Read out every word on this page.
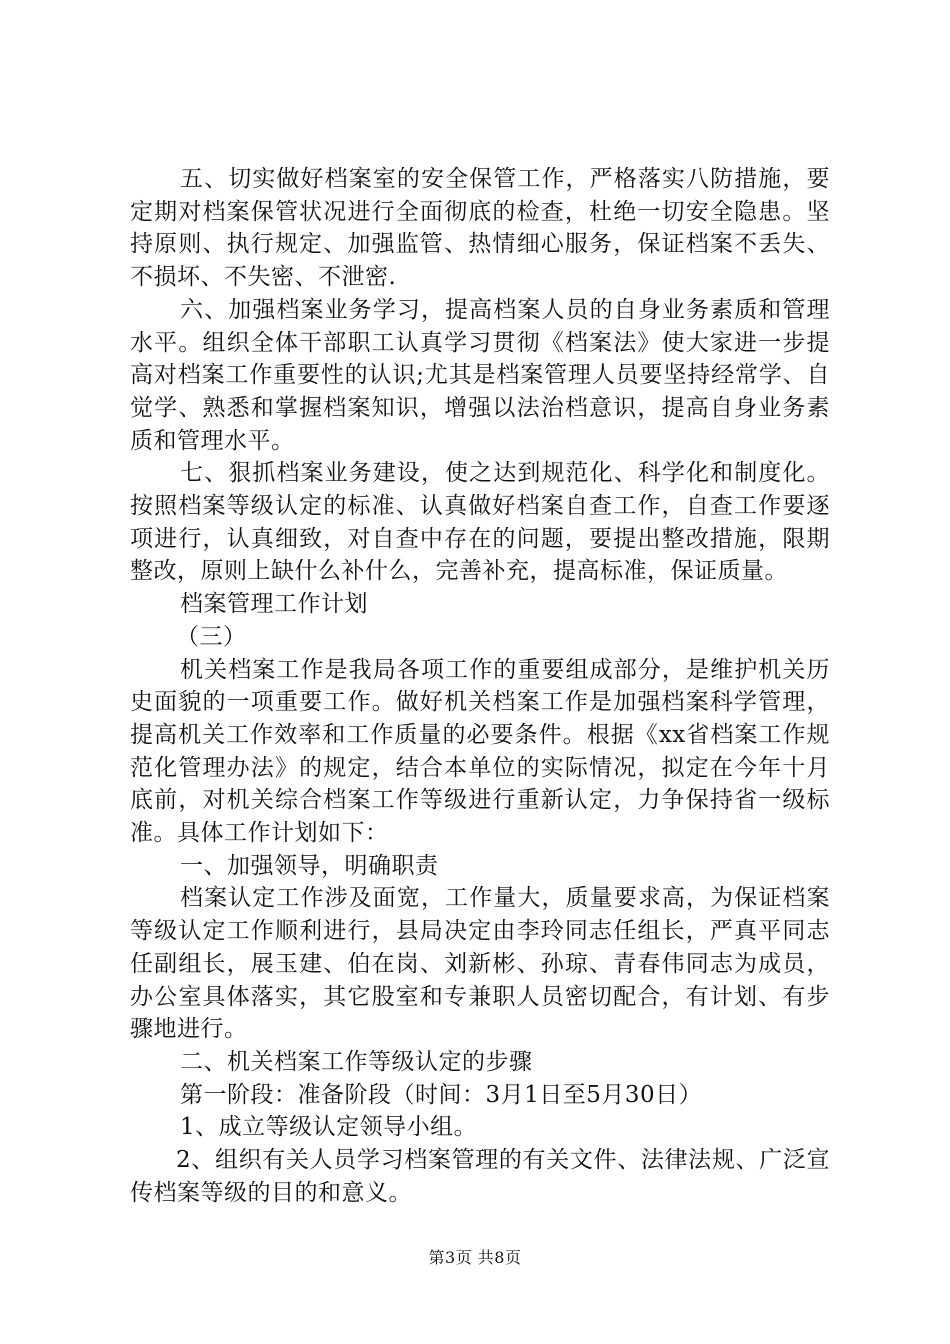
五、切实做好档案室的安全保管工作，严格落实八防措施，要定期对档案保管状况进行全面彻底的检查，杜绝一切安全隐患。坚持原则、执行规定、加强监管、热情细心服务，保证档案不丢失、不损坏、不失密、不泄密.

六、加强档案业务学习，提高档案人员的自身业务素质和管理水平。组织全体干部职工认真学习贯彻《档案法》使大家进一步提高对档案工作重要性的认识;尤其是档案管理人员要坚持经常学、自觉学、熟悉和掌握档案知识，增强以法治档意识，提高自身业务素质和管理水平。

七、狠抓档案业务建设，使之达到规范化、科学化和制度化。按照档案等级认定的标准、认真做好档案自查工作，自查工作要逐项进行，认真细致，对自查中存在的问题，要提出整改措施，限期整改，原则上缺什么补什么，完善补充，提高标准，保证质量。

档案管理工作计划

（三）

机关档案工作是我局各项工作的重要组成部分，是维护机关历史面貌的一项重要工作。做好机关档案工作是加强档案科学管理，提高机关工作效率和工作质量的必要条件。根据《xx省档案工作规范化管理办法》的规定，结合本单位的实际情况，拟定在今年十月底前，对机关综合档案工作等级进行重新认定，力争保持省一级标准。具体工作计划如下：

一、加强领导，明确职责

档案认定工作涉及面宽，工作量大，质量要求高，为保证档案等级认定工作顺利进行，县局决定由李玲同志任组长，严真平同志任副组长，展玉建、伯在岗、刘新彬、孙琼、青春伟同志为成员，办公室具体落实，其它股室和专兼职人员密切配合，有计划、有步骤地进行。

二、机关档案工作等级认定的步骤

第一阶段：准备阶段（时间：3月1日至5月30日）

1、成立等级认定领导小组。

2、组织有关人员学习档案管理的有关文件、法律法规、广泛宣传档案等级的目的和意义。

第3页 共8页
